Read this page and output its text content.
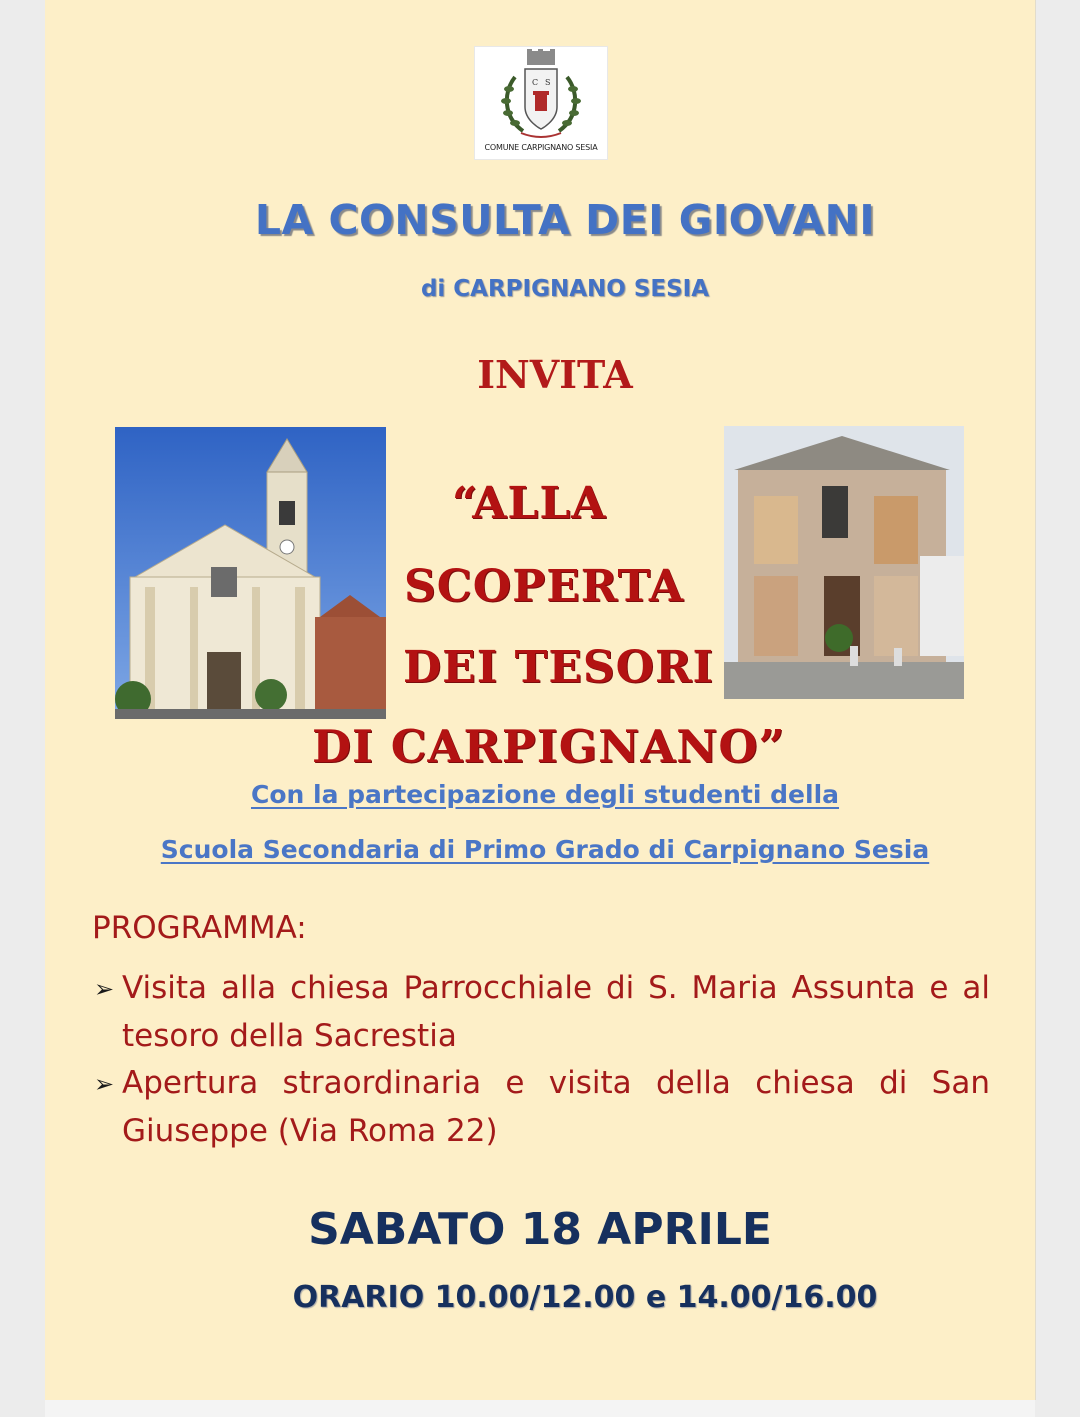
C S
COMUNE CARPIGNANO SESIA
LA CONSULTA DEI GIOVANI
di CARPIGNANO SESIA
INVITA
“ALLA
SCOPERTA
DEI TESORI
DI CARPIGNANO”
Con la partecipazione degli studenti della
Scuola Secondaria di Primo Grado di Carpignano Sesia
PROGRAMMA:
➢ Visita alla chiesa Parrocchiale di S. Maria Assunta e al tesoro della Sacrestia
➢ Apertura straordinaria e visita della chiesa di San Giuseppe (Via Roma 22)
SABATO 18 APRILE
ORARIO 10.00/12.00 e 14.00/16.00
